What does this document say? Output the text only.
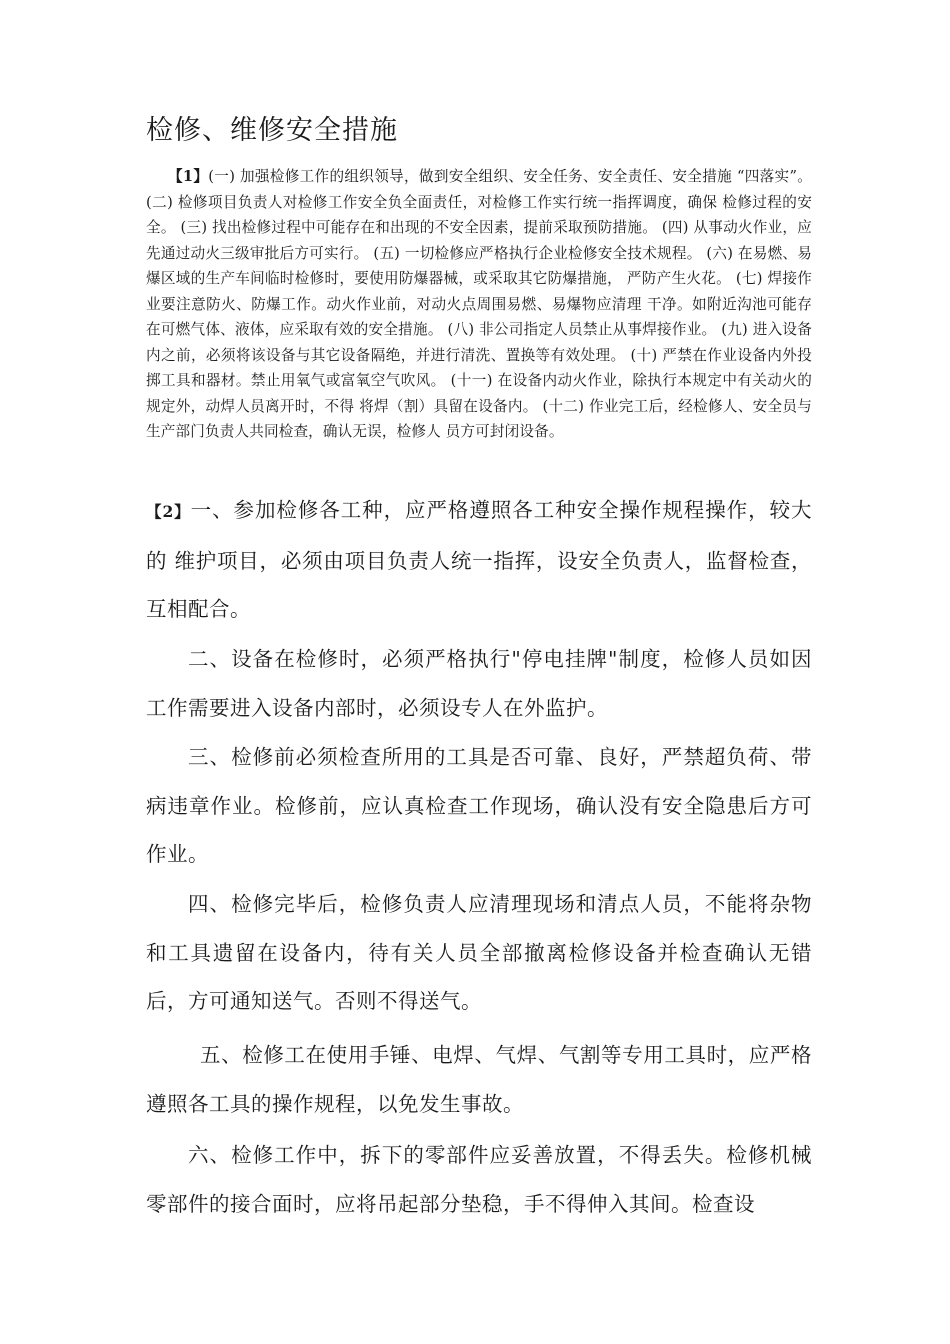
检修、维修安全措施
【1】(一) 加强检修工作的组织领导，做到安全组织、安全任务、安全责任、安全措施 “四落实”。 (二) 检修项目负责人对检修工作安全负全面责任，对检修工作实行统一指挥调度，确保 检修过程的安全。 (三) 找出检修过程中可能存在和出现的不安全因素，提前采取预防措施。 (四) 从事动火作业，应先通过动火三级审批后方可实行。 (五) 一切检修应严格执行企业检修安全技术规程。 (六) 在易燃、易爆区域的生产车间临时检修时，要使用防爆器械，或采取其它防爆措施， 严防产生火花。 (七) 焊接作业要注意防火、防爆工作。动火作业前，对动火点周围易燃、易爆物应清理 干净。如附近沟池可能存在可燃气体、液体，应采取有效的安全措施。 (八) 非公司指定人员禁止从事焊接作业。 (九) 进入设备内之前，必须将该设备与其它设备隔绝，并进行清洗、置换等有效处理。 (十) 严禁在作业设备内外投掷工具和器材。禁止用氧气或富氧空气吹风。 (十一) 在设备内动火作业，除执行本规定中有关动火的规定外，动焊人员离开时，不得 将焊（割）具留在设备内。 (十二) 作业完工后，经检修人、安全员与生产部门负责人共同检查，确认无误，检修人 员方可封闭设备。
【2】一、参加检修各工种，应严格遵照各工种安全操作规程操作，较大的 维护项目，必须由项目负责人统一指挥，设安全负责人，监督检查，互相配合。
二、设备在检修时，必须严格执行"停电挂牌"制度，检修人员如因工作需要进入设备内部时，必须设专人在外监护。
三、检修前必须检查所用的工具是否可靠、良好，严禁超负荷、带病违章作业。检修前，应认真检查工作现场，确认没有安全隐患后方可作业。
四、检修完毕后，检修负责人应清理现场和清点人员，不能将杂物和工具遗留在设备内，待有关人员全部撤离检修设备并检查确认无错后，方可通知送气。否则不得送气。
五、检修工在使用手锤、电焊、气焊、气割等专用工具时，应严格遵照各工具的操作规程，以免发生事故。
六、检修工作中，拆下的零部件应妥善放置，不得丢失。检修机械零部件的接合面时，应将吊起部分垫稳，手不得伸入其间。检查设
